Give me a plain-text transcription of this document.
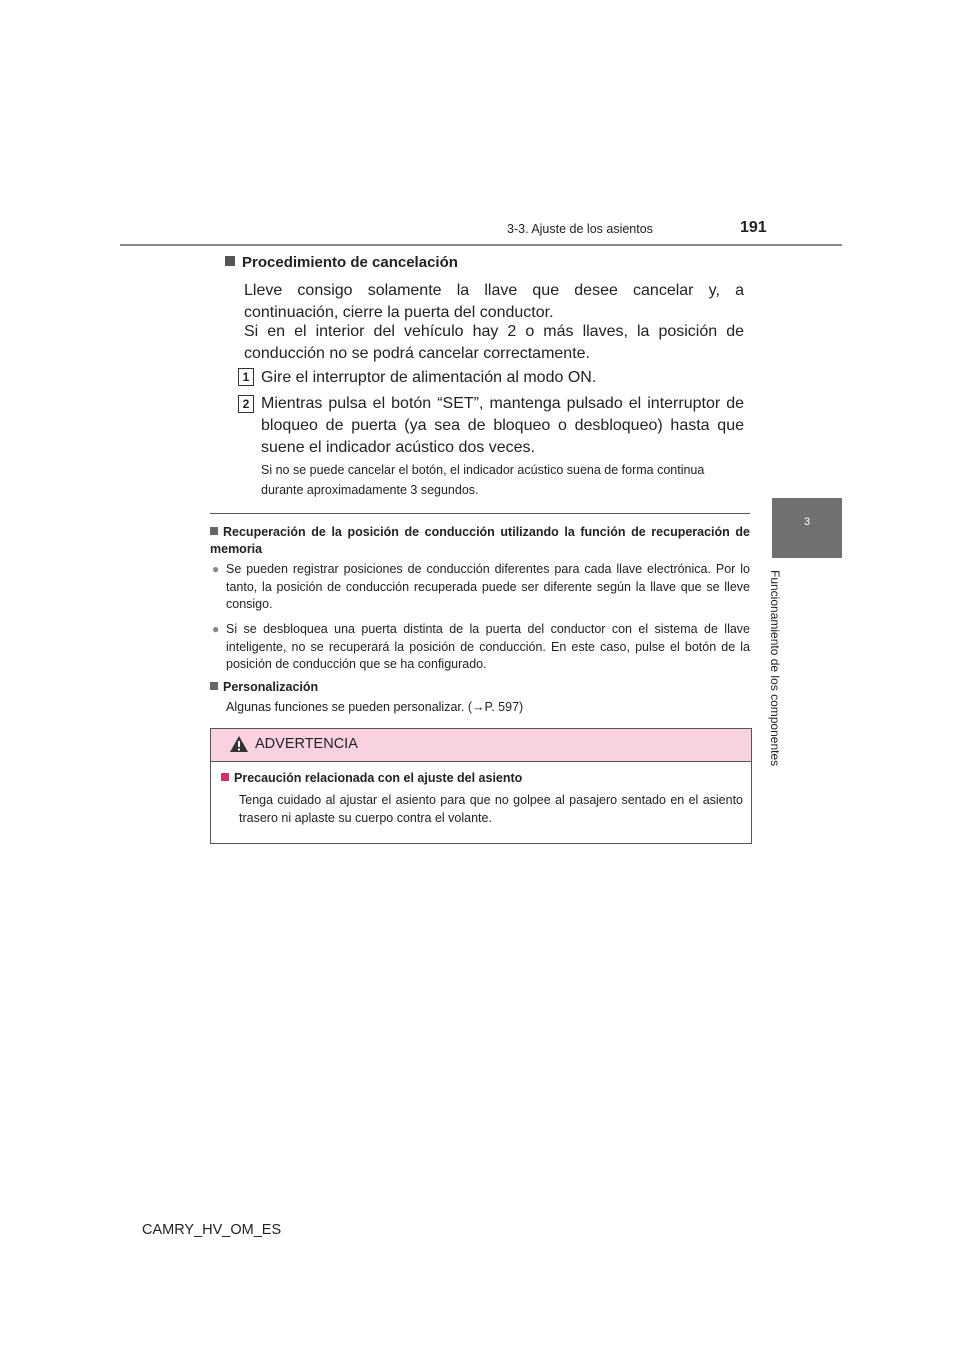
3-3. Ajuste de los asientos	191
3
Funcionamiento de los componentes
Procedimiento de cancelación
Lleve consigo solamente la llave que desee cancelar y, a continuación, cierre la puerta del conductor.
Si en el interior del vehículo hay 2 o más llaves, la posición de conducción no se podrá cancelar correctamente.
1 Gire el interruptor de alimentación al modo ON.
2 Mientras pulsa el botón “SET”, mantenga pulsado el interruptor de bloqueo de puerta (ya sea de bloqueo o desbloqueo) hasta que suene el indicador acústico dos veces.
Si no se puede cancelar el botón, el indicador acústico suena de forma continua durante aproximadamente 3 segundos.
Recuperación de la posición de conducción utilizando la función de recuperación de memoria
● Se pueden registrar posiciones de conducción diferentes para cada llave electrónica. Por lo tanto, la posición de conducción recuperada puede ser diferente según la llave que se lleve consigo.
● Si se desbloquea una puerta distinta de la puerta del conductor con el sistema de llave inteligente, no se recuperará la posición de conducción. En este caso, pulse el botón de la posición de conducción que se ha configurado.
Personalización
Algunas funciones se pueden personalizar. (→P. 597)
ADVERTENCIA
Precaución relacionada con el ajuste del asiento
Tenga cuidado al ajustar el asiento para que no golpee al pasajero sentado en el asiento trasero ni aplaste su cuerpo contra el volante.
CAMRY_HV_OM_ES
